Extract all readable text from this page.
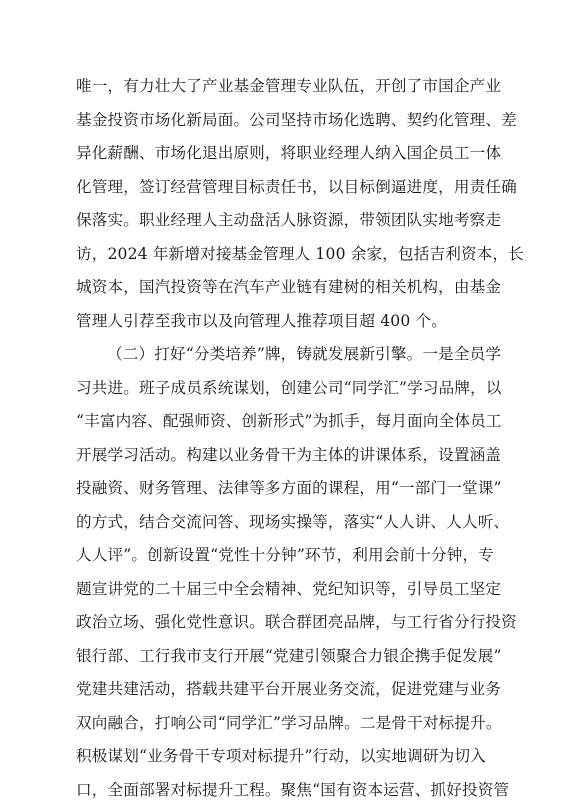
唯一，有力壮大了产业基金管理专业队伍，开创了市国企产业
基金投资市场化新局面。公司坚持市场化选聘、契约化管理、差
异化薪酬、市场化退出原则，将职业经理人纳入国企员工一体
化管理，签订经营管理目标责任书，以目标倒逼进度，用责任确
保落实。职业经理人主动盘活人脉资源，带领团队实地考察走
访，2024 年新增对接基金管理人 100 余家，包括吉利资本，长
城资本，国汽投资等在汽车产业链有建树的相关机构，由基金
管理人引荐至我市以及向管理人推荐项目超 400 个。
（二）打好“分类培养”牌，铸就发展新引擎。一是全员学
习共进。班子成员系统谋划，创建公司“同学汇”学习品牌，以
“丰富内容、配强师资、创新形式”为抓手，每月面向全体员工
开展学习活动。构建以业务骨干为主体的讲课体系，设置涵盖
投融资、财务管理、法律等多方面的课程，用“一部门一堂课”
的方式，结合交流问答、现场实操等，落实“人人讲、人人听、
人人评”。创新设置“党性十分钟”环节，利用会前十分钟，专
题宣讲党的二十届三中全会精神、党纪知识等，引导员工坚定
政治立场、强化党性意识。联合群团亮品牌，与工行省分行投资
银行部、工行我市支行开展“党建引领聚合力银企携手促发展”
党建共建活动，搭载共建平台开展业务交流，促进党建与业务
双向融合，打响公司“同学汇”学习品牌。二是骨干对标提升。
积极谋划“业务骨干专项对标提升”行动，以实地调研为切入
口，全面部署对标提升工程。聚焦“国有资本运营、抓好投资管
